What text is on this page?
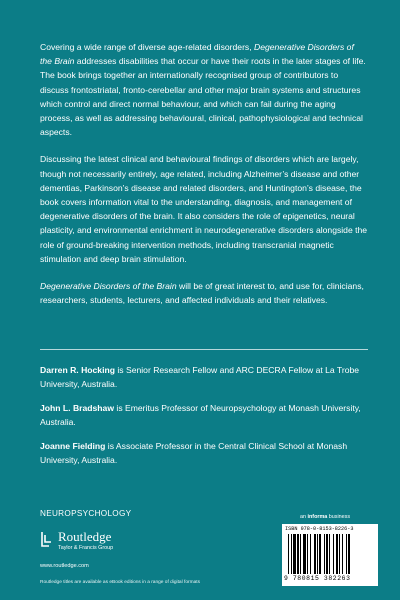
Covering a wide range of diverse age-related disorders, Degenerative Disorders of the Brain addresses disabilities that occur or have their roots in the later stages of life. The book brings together an internationally recognised group of contributors to discuss frontostriatal, fronto-cerebellar and other major brain systems and structures which control and direct normal behaviour, and which can fail during the aging process, as well as addressing behavioural, clinical, pathophysiological and technical aspects.

Discussing the latest clinical and behavioural findings of disorders which are largely, though not necessarily entirely, age related, including Alzheimer’s disease and other dementias, Parkinson’s disease and related disorders, and Huntington’s disease, the book covers information vital to the understanding, diagnosis, and management of degenerative disorders of the brain. It also considers the role of epigenetics, neural plasticity, and environmental enrichment in neurodegenerative disorders alongside the role of ground-breaking intervention methods, including transcranial magnetic stimulation and deep brain stimulation.

Degenerative Disorders of the Brain will be of great interest to, and use for, clinicians, researchers, students, lecturers, and affected individuals and their relatives.

Darren R. Hocking is Senior Research Fellow and ARC DECRA Fellow at La Trobe University, Australia.

John L. Bradshaw is Emeritus Professor of Neuropsychology at Monash University, Australia.

Joanne Fielding is Associate Professor in the Central Clinical School at Monash University, Australia.

NEUROPSYCHOLOGY
Routledge
Taylor & Francis Group
www.routledge.com
Routledge titles are available as eBook editions in a range of digital formats
an informa business
ISBN 978-0-8153-8226-3
9 780815 382263
